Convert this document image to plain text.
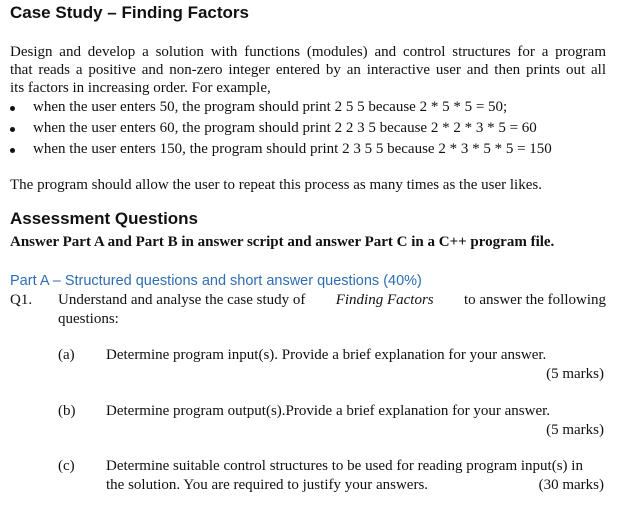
Case Study – Finding Factors
Design and develop a solution with functions (modules) and control structures for a program
that reads a positive and non-zero integer entered by an interactive user and then prints out all
its factors in increasing order. For example,
when the user enters 50, the program should print 2 5 5 because 2 * 5 * 5 = 50;
when the user enters 60, the program should print 2 2 3 5 because 2 * 2 * 3 * 5 = 60
when the user enters 150, the program should print 2 3 5 5 because 2 * 3 * 5 * 5 = 150
The program should allow the user to repeat this process as many times as the user likes.
Assessment Questions
Answer Part A and Part B in answer script and answer Part C in a C++ program file.
Part A – Structured questions and short answer questions (40%)
Q1. Understand and analyse the case study of Finding Factors to answer the following
questions:
(a) Determine program input(s). Provide a brief explanation for your answer.
(5 marks)
(b) Determine program output(s).Provide a brief explanation for your answer.
(5 marks)
(c) Determine suitable control structures to be used for reading program input(s) in
the solution. You are required to justify your answers.	(30 marks)
